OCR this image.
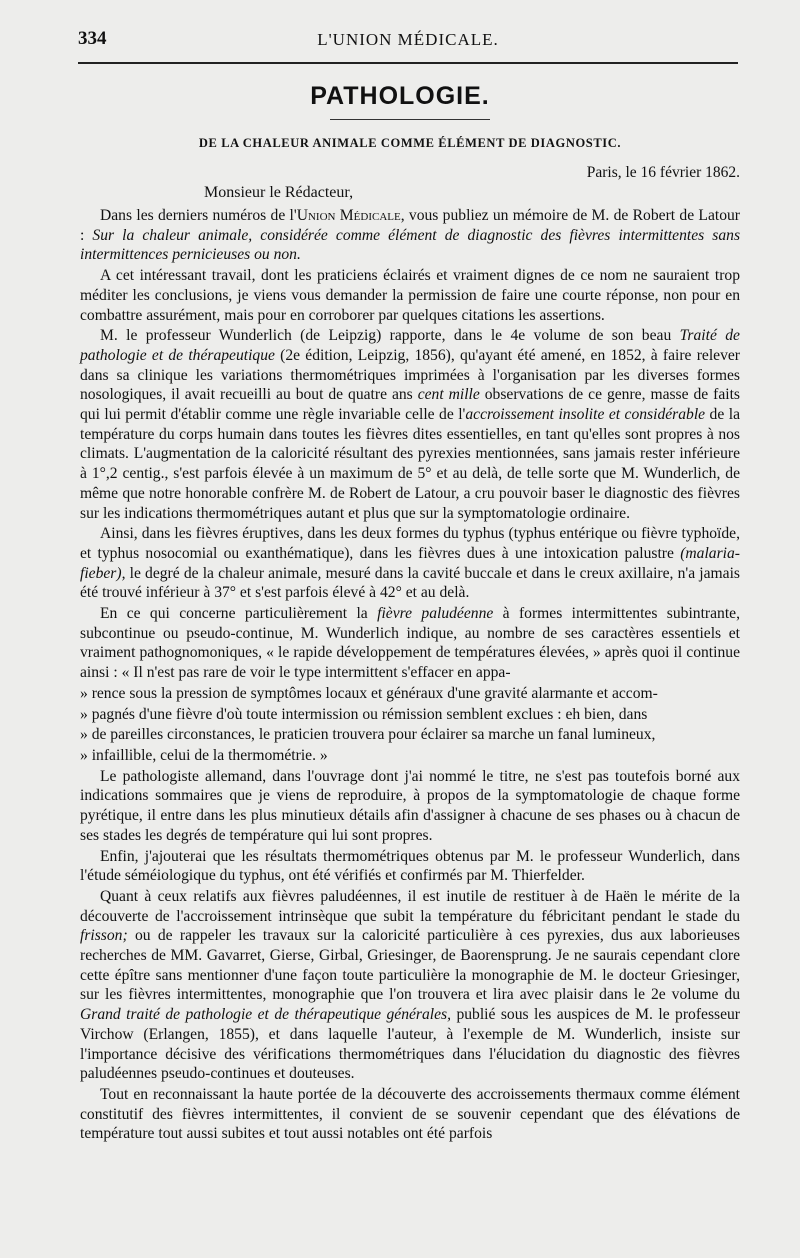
334	L'UNION MÉDICALE.
PATHOLOGIE.
DE LA CHALEUR ANIMALE COMME ÉLÉMENT DE DIAGNOSTIC.
Paris, le 16 février 1862.
Monsieur le Rédacteur,

Dans les derniers numéros de l'Union Médicale, vous publiez un mémoire de M. de Robert de Latour : Sur la chaleur animale, considérée comme élément de diagnostic des fièvres intermittentes sans intermittences pernicieuses ou non.

A cet intéressant travail, dont les praticiens éclairés et vraiment dignes de ce nom ne sauraient trop méditer les conclusions, je viens vous demander la permission de faire une courte réponse, non pour en combattre assurément, mais pour en corroborer par quelques citations les assertions.

M. le professeur Wunderlich (de Leipzig) rapporte, dans le 4e volume de son beau Traité de pathologie et de thérapeutique (2e édition, Leipzig, 1856), qu'ayant été amené, en 1852, à faire relever dans sa clinique les variations thermométriques imprimées à l'organisation par les diverses formes nosologiques, il avait recueilli au bout de quatre ans cent mille observations de ce genre, masse de faits qui lui permit d'établir comme une règle invariable celle de l'accroissement insolite et considérable de la température du corps humain dans toutes les fièvres dites essentielles, en tant qu'elles sont propres à nos climats. L'augmentation de la caloricité résultant des pyrexies mentionnées, sans jamais rester inférieure à 1°,2 centig., s'est parfois élevée à un maximum de 5° et au delà, de telle sorte que M. Wunderlich, de même que notre honorable confrère M. de Robert de Latour, a cru pouvoir baser le diagnostic des fièvres sur les indications thermométriques autant et plus que sur la symptomatologie ordinaire.

Ainsi, dans les fièvres éruptives, dans les deux formes du typhus (typhus entérique ou fièvre typhoïde, et typhus nosocomial ou exanthématique), dans les fièvres dues à une intoxication palustre (malaria-fieber), le degré de la chaleur animale, mesuré dans la cavité buccale et dans le creux axillaire, n'a jamais été trouvé inférieur à 37° et s'est parfois élevé à 42° et au delà.

En ce qui concerne particulièrement la fièvre paludéenne à formes intermittentes subintrante, subcontinue ou pseudo-continue, M. Wunderlich indique, au nombre de ses caractères essentiels et vraiment pathognomoniques, « le rapide développement de températures élevées, » après quoi il continue ainsi : « Il n'est pas rare de voir le type intermittent s'effacer en appa-

» rence sous la pression de symptômes locaux et généraux d'une gravité alarmante et accom-

» pagnés d'une fièvre d'où toute intermission ou rémission semblent exclues : eh bien, dans

» de pareilles circonstances, le praticien trouvera pour éclairer sa marche un fanal lumineux,

» infaillible, celui de la thermométrie. »

Le pathologiste allemand, dans l'ouvrage dont j'ai nommé le titre, ne s'est pas toutefois borné aux indications sommaires que je viens de reproduire, à propos de la symptomatologie de chaque forme pyrétique, il entre dans les plus minutieux détails afin d'assigner à chacune de ses phases ou à chacun de ses stades les degrés de température qui lui sont propres.

Enfin, j'ajouterai que les résultats thermométriques obtenus par M. le professeur Wunderlich, dans l'étude séméiologique du typhus, ont été vérifiés et confirmés par M. Thierfelder.

Quant à ceux relatifs aux fièvres paludéennes, il est inutile de restituer à de Haën le mérite de la découverte de l'accroissement intrinsèque que subit la température du fébricitant pendant le stade du frisson; ou de rappeler les travaux sur la caloricité particulière à ces pyrexies, dus aux laborieuses recherches de MM. Gavarret, Gierse, Girbal, Griesinger, de Baorensprung. Je ne saurais cependant clore cette épître sans mentionner d'une façon toute particulière la monographie de M. le docteur Griesinger, sur les fièvres intermittentes, monographie que l'on trouvera et lira avec plaisir dans le 2e volume du Grand traité de pathologie et de thérapeutique générales, publié sous les auspices de M. le professeur Virchow (Erlangen, 1855), et dans laquelle l'auteur, à l'exemple de M. Wunderlich, insiste sur l'importance décisive des vérifications thermométriques dans l'élucidation du diagnostic des fièvres paludéennes pseudo-continues et douteuses.

Tout en reconnaissant la haute portée de la découverte des accroissements thermaux comme élément constitutif des fièvres intermittentes, il convient de se souvenir cependant que des élévations de température tout aussi subites et tout aussi notables ont été parfois
